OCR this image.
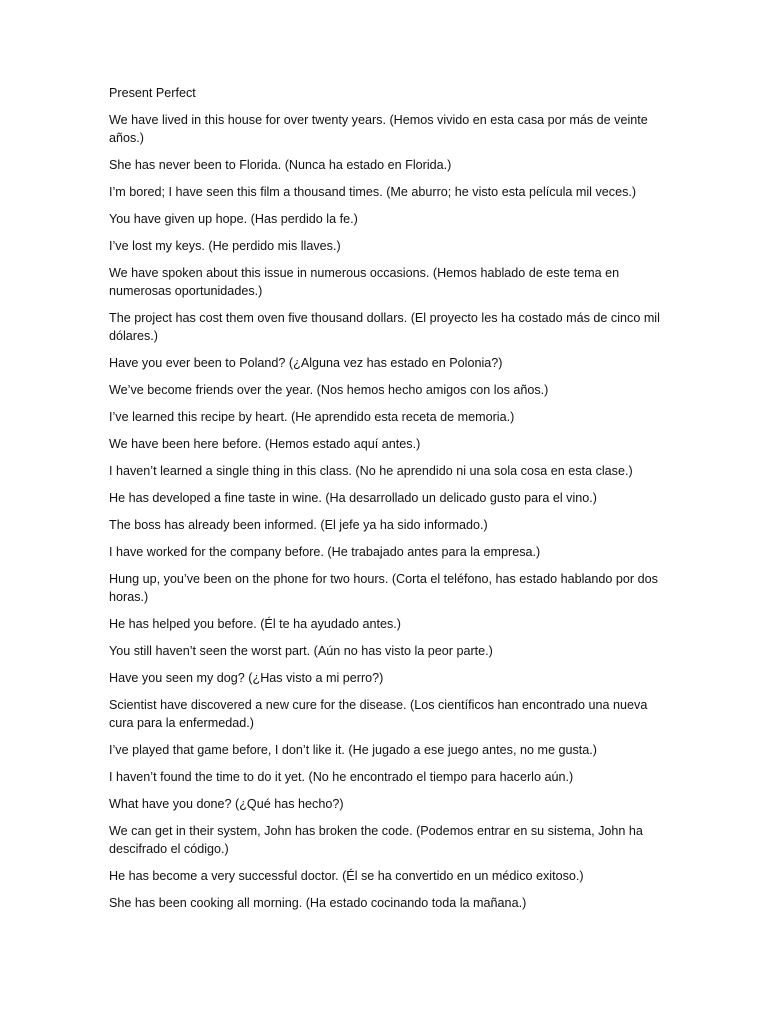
Present Perfect

We have lived in this house for over twenty years. (Hemos vivido en esta casa por más de veinte años.)

She has never been to Florida. (Nunca ha estado en Florida.)

I’m bored; I have seen this film a thousand times. (Me aburro; he visto esta película mil veces.)

You have given up hope. (Has perdido la fe.)

I’ve lost my keys. (He perdido mis llaves.)

We have spoken about this issue in numerous occasions. (Hemos hablado de este tema en numerosas oportunidades.)

The project has cost them oven five thousand dollars. (El proyecto les ha costado más de cinco mil dólares.)

Have you ever been to Poland? (¿Alguna vez has estado en Polonia?)

We’ve become friends over the year. (Nos hemos hecho amigos con los años.)

I’ve learned this recipe by heart. (He aprendido esta receta de memoria.)

We have been here before. (Hemos estado aquí antes.)

I haven’t learned a single thing in this class. (No he aprendido ni una sola cosa en esta clase.)

He has developed a fine taste in wine. (Ha desarrollado un delicado gusto para el vino.)

The boss has already been informed. (El jefe ya ha sido informado.)

I have worked for the company before. (He trabajado antes para la empresa.)

Hung up, you’ve been on the phone for two hours. (Corta el teléfono, has estado hablando por dos horas.)

He has helped you before. (Él te ha ayudado antes.)

You still haven’t seen the worst part. (Aún no has visto la peor parte.)

Have you seen my dog? (¿Has visto a mi perro?)

Scientist have discovered a new cure for the disease. (Los científicos han encontrado una nueva cura para la enfermedad.)

I’ve played that game before, I don’t like it. (He jugado a ese juego antes, no me gusta.)

I haven’t found the time to do it yet. (No he encontrado el tiempo para hacerlo aún.)

What have you done? (¿Qué has hecho?)

We can get in their system, John has broken the code. (Podemos entrar en su sistema, John ha descifrado el código.)

He has become a very successful doctor. (Él se ha convertido en un médico exitoso.)

She has been cooking all morning. (Ha estado cocinando toda la mañana.)
